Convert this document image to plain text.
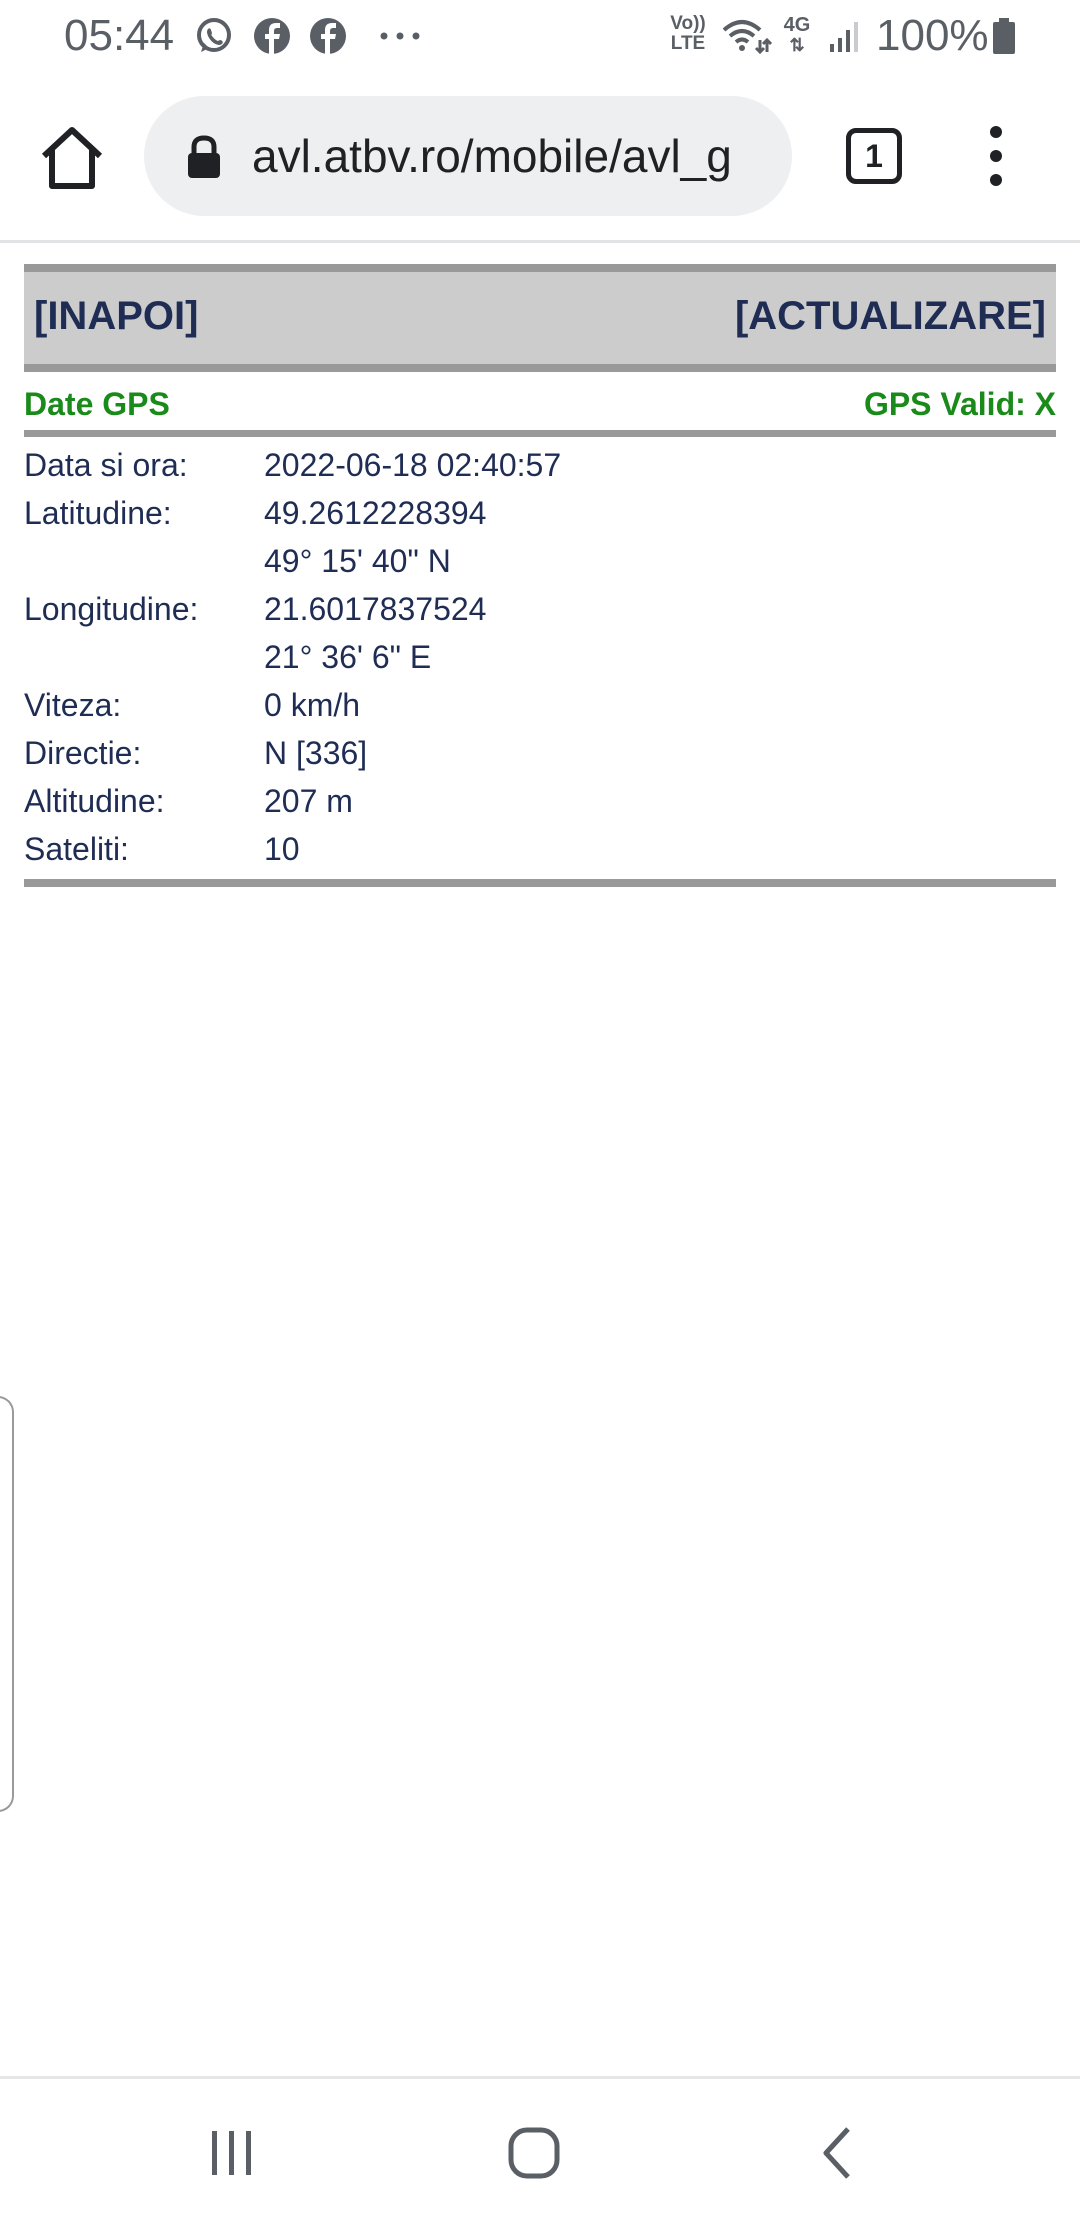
05:44	Vo))
LTE
4G
⇅ 100%
avl.atbv.ro/mobile/avl_g	1
[INAPOI]	[ACTUALIZARE]
Date GPS	GPS Valid: X
Data si ora: 2022-06-18 02:40:57
Latitudine:	49.2612228394
49° 15' 40" N
Longitudine: 21.6017837524
21° 36' 6" E
Viteza:	0 km/h
Directie:	N [336]
Altitudine:	207 m
Sateliti:	10
